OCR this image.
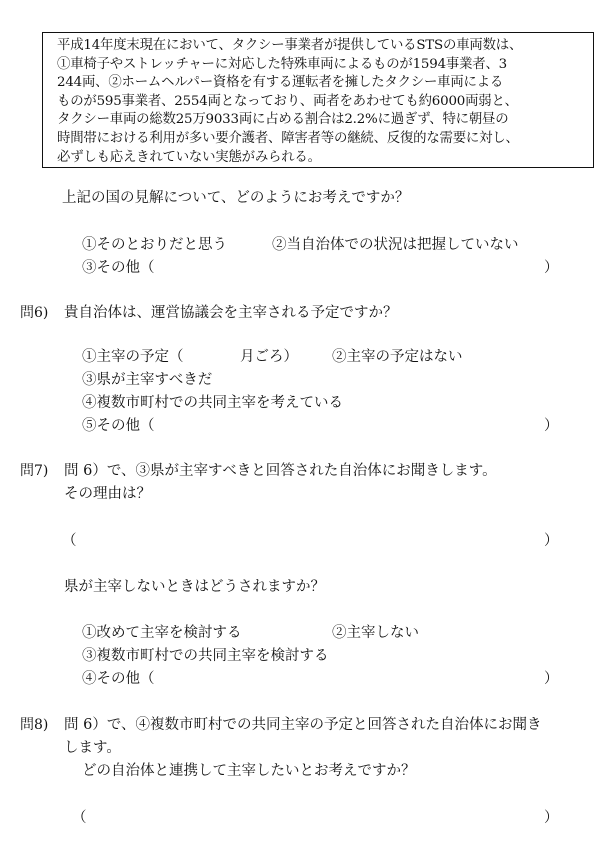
平成14年度末現在において、タクシー事業者が提供しているSTSの車両数は、

①車椅子やストレッチャーに対応した特殊車両によるものが1594事業者、3

244両、②ホームヘルパー資格を有する運転者を擁したタクシー車両による

ものが595事業者、2554両となっており、両者をあわせても約6000両弱と、

タクシー車両の総数25万9033両に占める割合は2.2%に過ぎず、特に朝昼の

時間帯における利用が多い要介護者、障害者等の継続、反復的な需要に対し、

必ずしも応えきれていない実態がみられる。

上記の国の見解について、どのようにお考えですか？
①そのとおりだと思う	②当自治体での状況は把握していない
③その他（	）
問6) 貴自治体は、運営協議会を主宰される予定ですか？
①主宰の予定（	月ごろ） ②主宰の予定はない
③県が主宰すべきだ
④複数市町村での共同主宰を考えている
⑤その他（	）
問7) 問 6）で、③県が主宰すべきと回答された自治体にお聞きします。
その理由は？
（	）
県が主宰しないときはどうされますか？
①改めて主宰を検討する	②主宰しない
③複数市町村での共同主宰を検討する
④その他（	）
問8) 問 6）で、④複数市町村での共同主宰の予定と回答された自治体にお聞き
します。
どの自治体と連携して主宰したいとお考えですか？
（	）
